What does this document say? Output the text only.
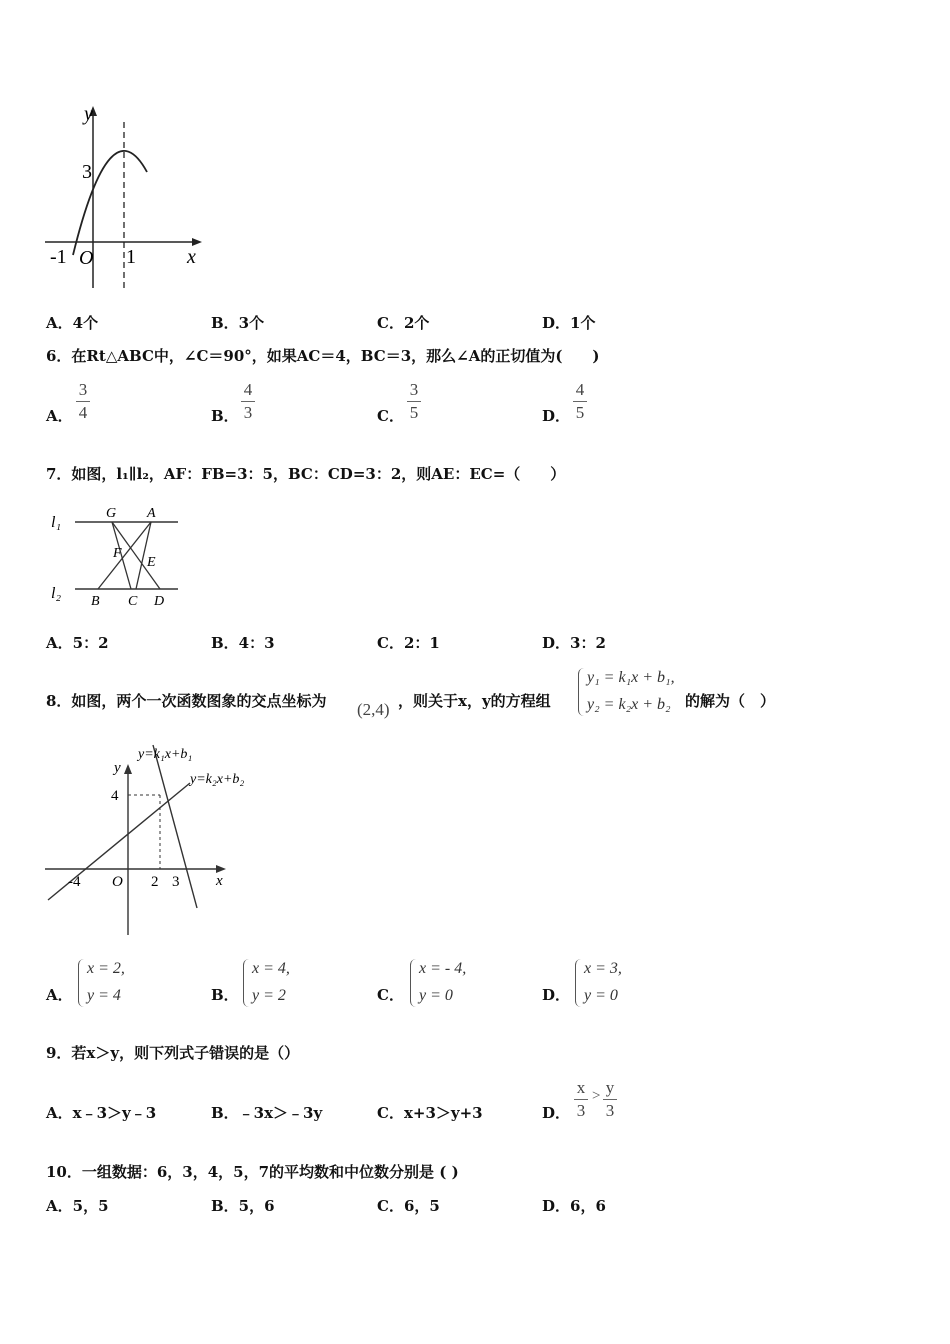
y
x
3
-1 O 1
A．4个	B．3个	C．2个	D．1个
6．在Rt△ABC中，∠C＝90°，如果AC＝4，BC＝3，那么∠A的正切值为(　　)
A．
3
4	B．
4
3	C．
3
5	D．
4
5
7．如图，l₁∥l₂，AF：FB=3：5，BC：CD=3：2，则AE：EC=（　　）
l₁
l₂
G A
F
E
B C D
A．5：2	B．4：3	C．2：1	D．3：2
8．如图，两个一次函数图象的交点坐标为 (2,4) ，则关于x，y的方程组
y₁ = k₁x + b₁,
y₂ = k₂x + b₂ 的解为（　）
y=k₁x+b₁
y=k₂x+b₂
y
x
4
-4 O 2 3
A．
x = 2,
y = 4	B．
x = 4,
y = 2	C．
x = - 4,
y = 0	D．
x = 3,
y = 0
9．若x＞y，则下列式子错误的是（）
A．x﹣3＞y﹣3	B．﹣3x＞﹣3y	C．x+3＞y+3	D．
x
3
> y
3
10．一组数据：6，3，4，5，7的平均数和中位数分别是 ( )
A．5，5	B．5，6	C．6，5	D．6，6
